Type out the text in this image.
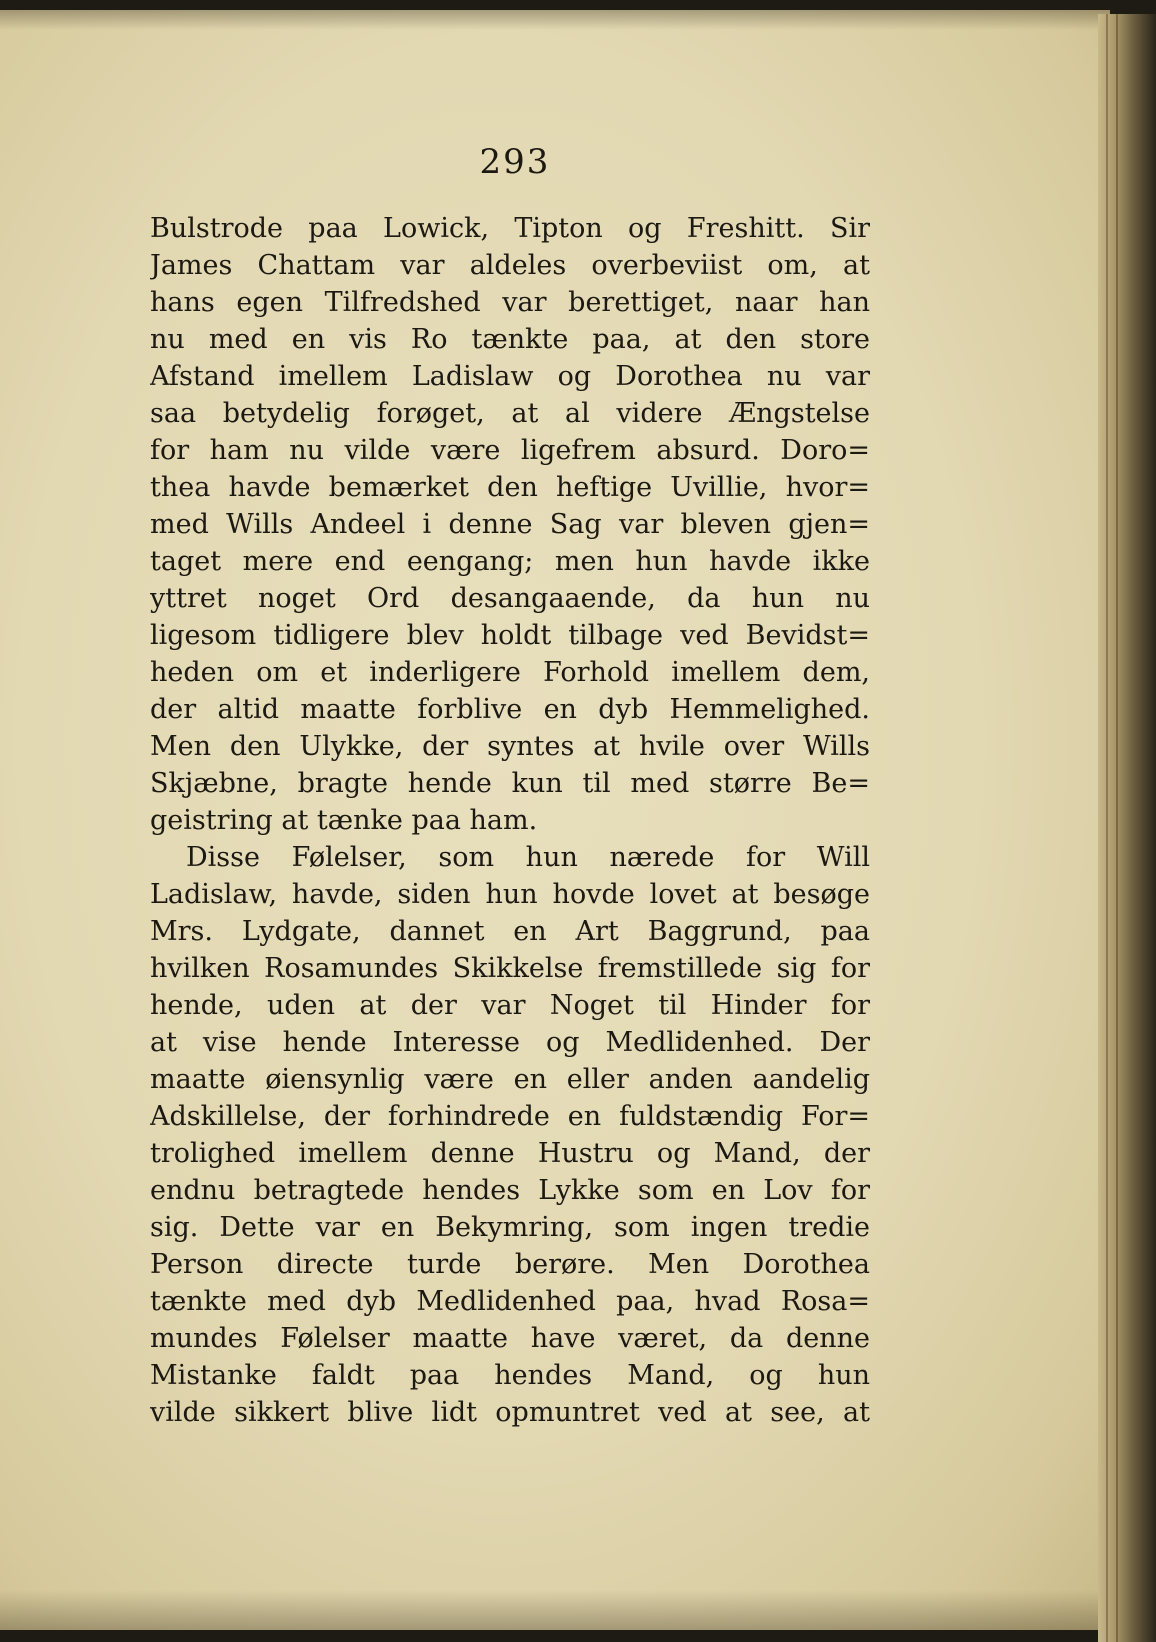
293
Bulstrode paa Lowick, Tipton og Freshitt. Sir
James Chattam var aldeles overbeviist om, at
hans egen Tilfredshed var berettiget, naar han
nu med en vis Ro tænkte paa, at den store
Afstand imellem Ladislaw og Dorothea nu var
saa betydelig forøget, at al videre Ængstelse
for ham nu vilde være ligefrem absurd. Doro=
thea havde bemærket den heftige Uvillie, hvor=
med Wills Andeel i denne Sag var bleven gjen=
taget mere end eengang; men hun havde ikke
yttret noget Ord desangaaende, da hun nu
ligesom tidligere blev holdt tilbage ved Bevidst=
heden om et inderligere Forhold imellem dem,
der altid maatte forblive en dyb Hemmelighed.
Men den Ulykke, der syntes at hvile over Wills
Skjæbne, bragte hende kun til med større Be=
geistring at tænke paa ham.
Disse Følelser, som hun nærede for Will
Ladislaw, havde, siden hun hovde lovet at besøge
Mrs. Lydgate, dannet en Art Baggrund, paa
hvilken Rosamundes Skikkelse fremstillede sig for
hende, uden at der var Noget til Hinder for
at vise hende Interesse og Medlidenhed. Der
maatte øiensynlig være en eller anden aandelig
Adskillelse, der forhindrede en fuldstændig For=
trolighed imellem denne Hustru og Mand, der
endnu betragtede hendes Lykke som en Lov for
sig. Dette var en Bekymring, som ingen tredie
Person directe turde berøre. Men Dorothea
tænkte med dyb Medlidenhed paa, hvad Rosa=
mundes Følelser maatte have været, da denne
Mistanke faldt paa hendes Mand, og hun
vilde sikkert blive lidt opmuntret ved at see, at
